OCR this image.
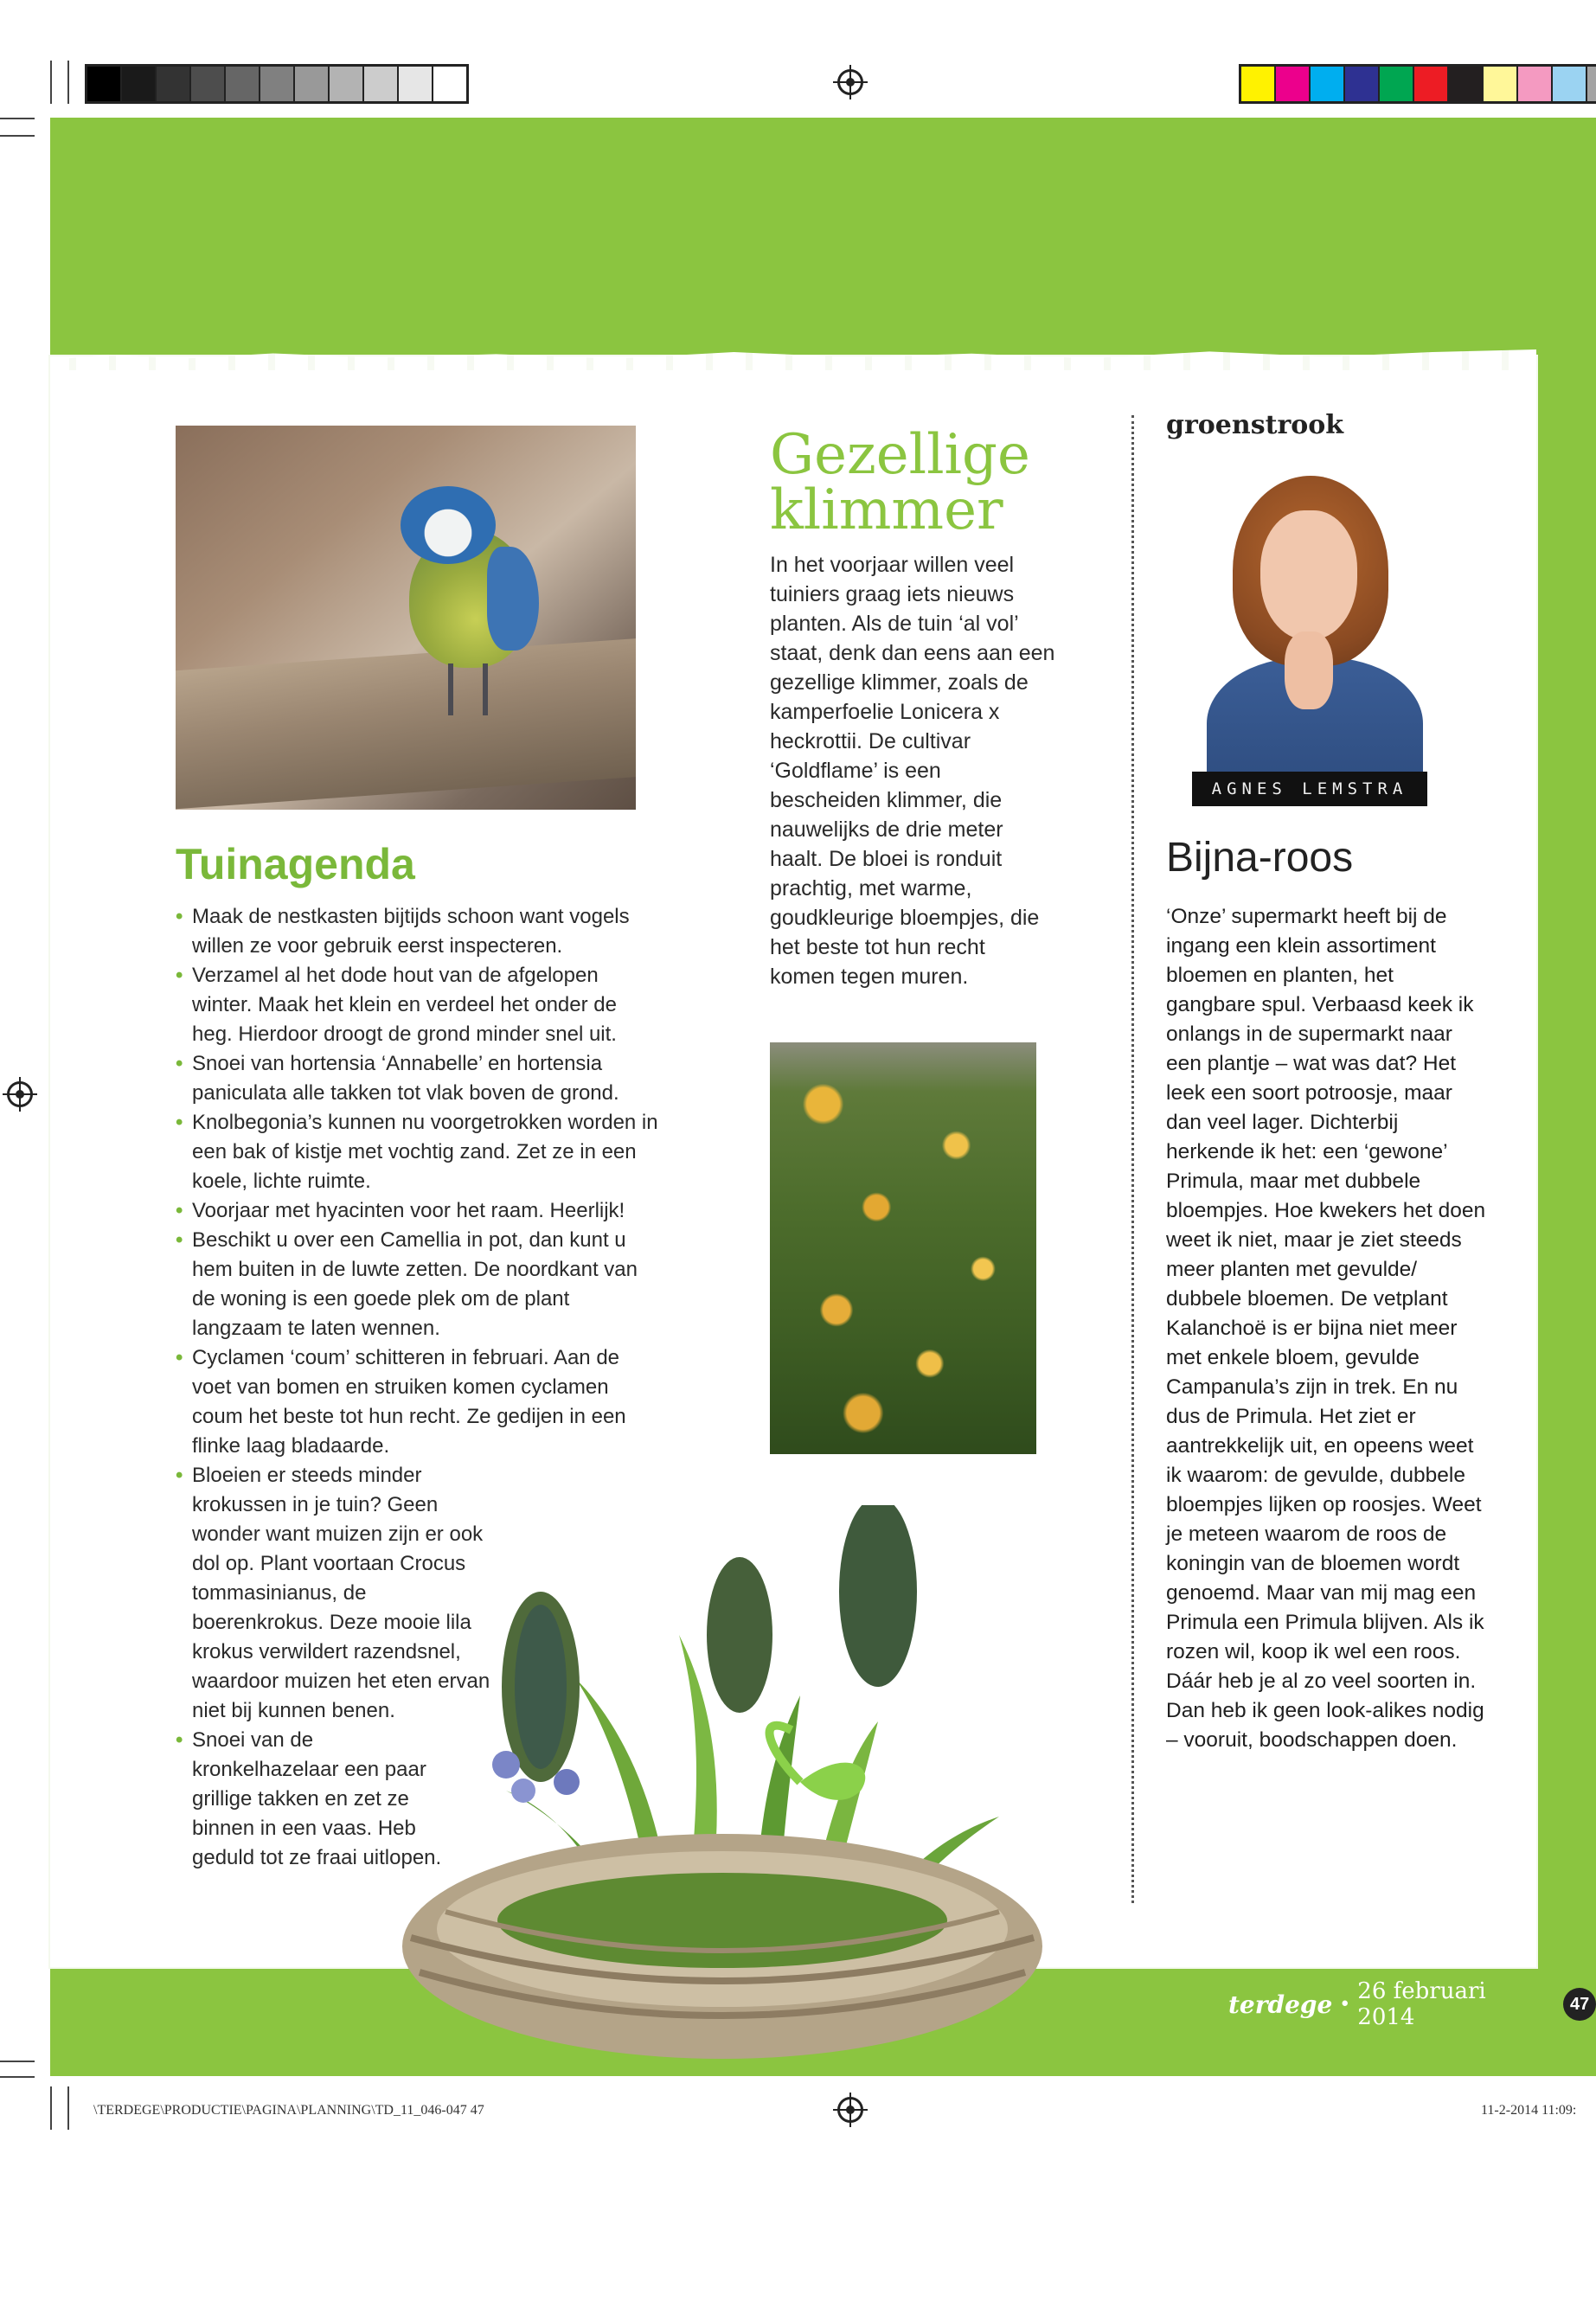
Tuinagenda
• Maak de nestkasten bijtijds schoon want vogels willen ze voor gebruik eerst inspecteren.
• Verzamel al het dode hout van de afgelopen winter. Maak het klein en verdeel het onder de heg. Hierdoor droogt de grond minder snel uit.
• Snoei van hortensia ‘Annabelle’ en hortensia paniculata alle takken tot vlak boven de grond.
• Knolbegonia’s kunnen nu voorgetrokken worden in een bak of kistje met vochtig zand. Zet ze in een koele, lichte ruimte.
• Voorjaar met hyacinten voor het raam. Heerlijk!
• Beschikt u over een Camellia in pot, dan kunt u hem buiten in de luwte zetten. De noordkant van de woning is een goede plek om de plant langzaam te laten wennen.
• Cyclamen ‘coum’ schitteren in februari. Aan de voet van bomen en struiken komen cyclamen coum het beste tot hun recht. Ze gedijen in een flinke laag bladaarde.
• Bloeien er steeds minder krokussen in je tuin? Geen wonder want muizen zijn er ook dol op. Plant voortaan Crocus tommasinianus, de boerenkrokus. Deze mooie lila krokus verwildert razendsnel, waardoor muizen het eten ervan niet bij kunnen benen.
• Snoei van de kronkelhazelaar een paar grillige takken en zet ze binnen in een vaas. Heb geduld tot ze fraai uitlopen.
Gezellige klimmer

In het voorjaar willen veel tuiniers graag iets nieuws planten. Als de tuin ‘al vol’ staat, denk dan eens aan een gezellige klimmer, zoals de kamperfoelie Lonicera x heckrottii. De cultivar ‘Goldflame’ is een bescheiden klimmer, die nauwelijks de drie meter haalt. De bloei is ronduit prachtig, met warme, goudkleurige bloempjes, die het beste tot hun recht komen tegen muren.

groenstrook
AGNES LEMSTRA
Bijna-roos

‘Onze’ supermarkt heeft bij de ingang een klein assortiment bloemen en planten, het gangbare spul. Verbaasd keek ik onlangs in de supermarkt naar een plantje – wat was dat? Het leek een soort potroosje, maar dan veel lager. Dichterbij herkende ik het: een ‘gewone’ Primula, maar met dubbele bloempjes. Hoe kwekers het doen weet ik niet, maar je ziet steeds meer planten met gevulde/ dubbele bloemen. De vetplant Kalanchoë is er bijna niet meer met enkele bloem, gevulde Campanula’s zijn in trek. En nu dus de Primula. Het ziet er aantrekkelijk uit, en opeens weet ik waarom: de gevulde, dubbele bloempjes lijken op roosjes. Weet je meteen waarom de roos de koningin van de bloemen wordt genoemd. Maar van mij mag een Primula een Primula blijven. Als ik rozen wil, koop ik wel een roos. Dáár heb je al zo veel soorten in. Dan heb ik geen look-alikes nodig – vooruit, boodschappen doen.

terdege • 26 februari 2014
47
\TERDEGE\PRODUCTIE\PAGINA\PLANNING\TD_11_046-047 47	11-2-2014 11:09:
